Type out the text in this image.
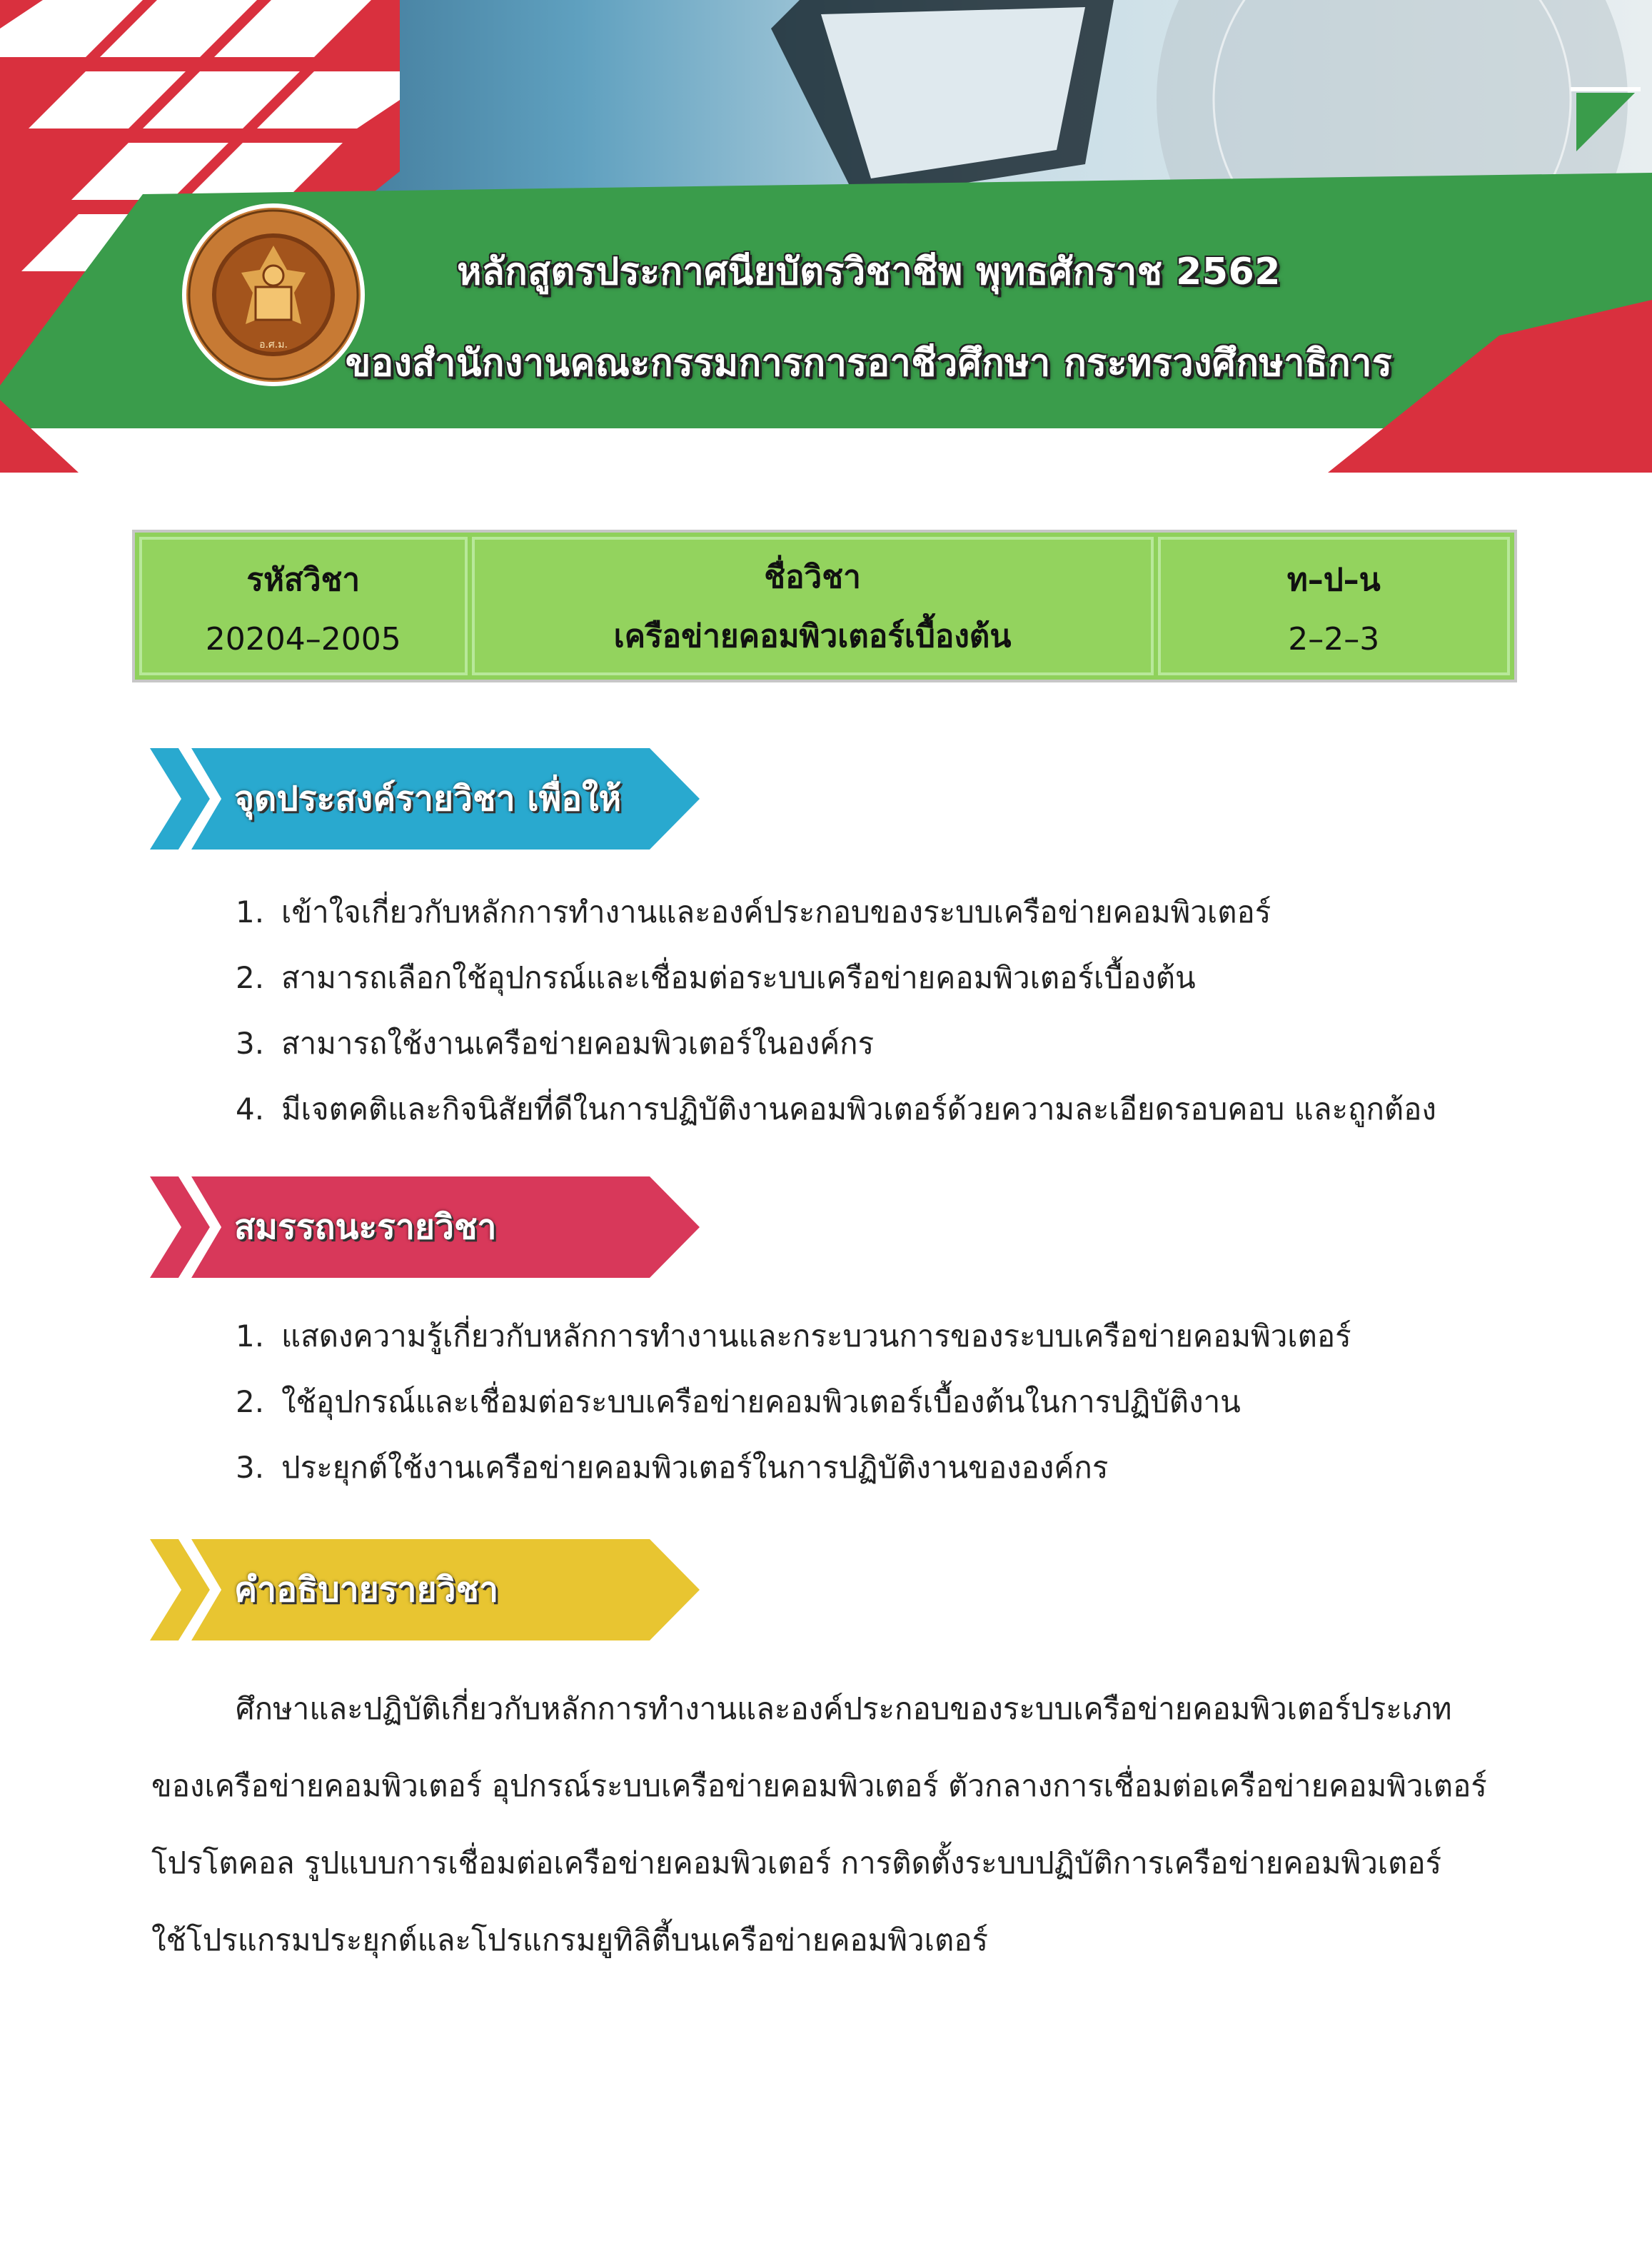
อ.ศ.ม.
หลักสูตรประกาศนียบัตรวิชาชีพ พุทธศักราช 2562
ของสำนักงานคณะกรรมการการอาชีวศึกษา กระทรวงศึกษาธิการ
รหัสวิชา
20204–2005
ชื่อวิชา
เครือข่ายคอมพิวเตอร์เบื้องต้น
ท–ป–น
2–2–3
จุดประสงค์รายวิชา เพื่อให้
1. เข้าใจเกี่ยวกับหลักการทำงานและองค์ประกอบของระบบเครือข่ายคอมพิวเตอร์
2. สามารถเลือกใช้อุปกรณ์และเชื่อมต่อระบบเครือข่ายคอมพิวเตอร์เบื้องต้น
3. สามารถใช้งานเครือข่ายคอมพิวเตอร์ในองค์กร
4. มีเจตคติและกิจนิสัยที่ดีในการปฏิบัติงานคอมพิวเตอร์ด้วยความละเอียดรอบคอบ และถูกต้อง
สมรรถนะรายวิชา
1. แสดงความรู้เกี่ยวกับหลักการทำงานและกระบวนการของระบบเครือข่ายคอมพิวเตอร์
2. ใช้อุปกรณ์และเชื่อมต่อระบบเครือข่ายคอมพิวเตอร์เบื้องต้นในการปฏิบัติงาน
3. ประยุกต์ใช้งานเครือข่ายคอมพิวเตอร์ในการปฏิบัติงานขององค์กร
คำอธิบายรายวิชา
ศึกษาและปฏิบัติเกี่ยวกับหลักการทำงานและองค์ประกอบของระบบเครือข่ายคอมพิวเตอร์ประเภท
ของเครือข่ายคอมพิวเตอร์ อุปกรณ์ระบบเครือข่ายคอมพิวเตอร์ ตัวกลางการเชื่อมต่อเครือข่ายคอมพิวเตอร์
โปรโตคอล รูปแบบการเชื่อมต่อเครือข่ายคอมพิวเตอร์ การติดตั้งระบบปฏิบัติการเครือข่ายคอมพิวเตอร์
ใช้โปรแกรมประยุกต์และโปรแกรมยูทิลิตี้บนเครือข่ายคอมพิวเตอร์
